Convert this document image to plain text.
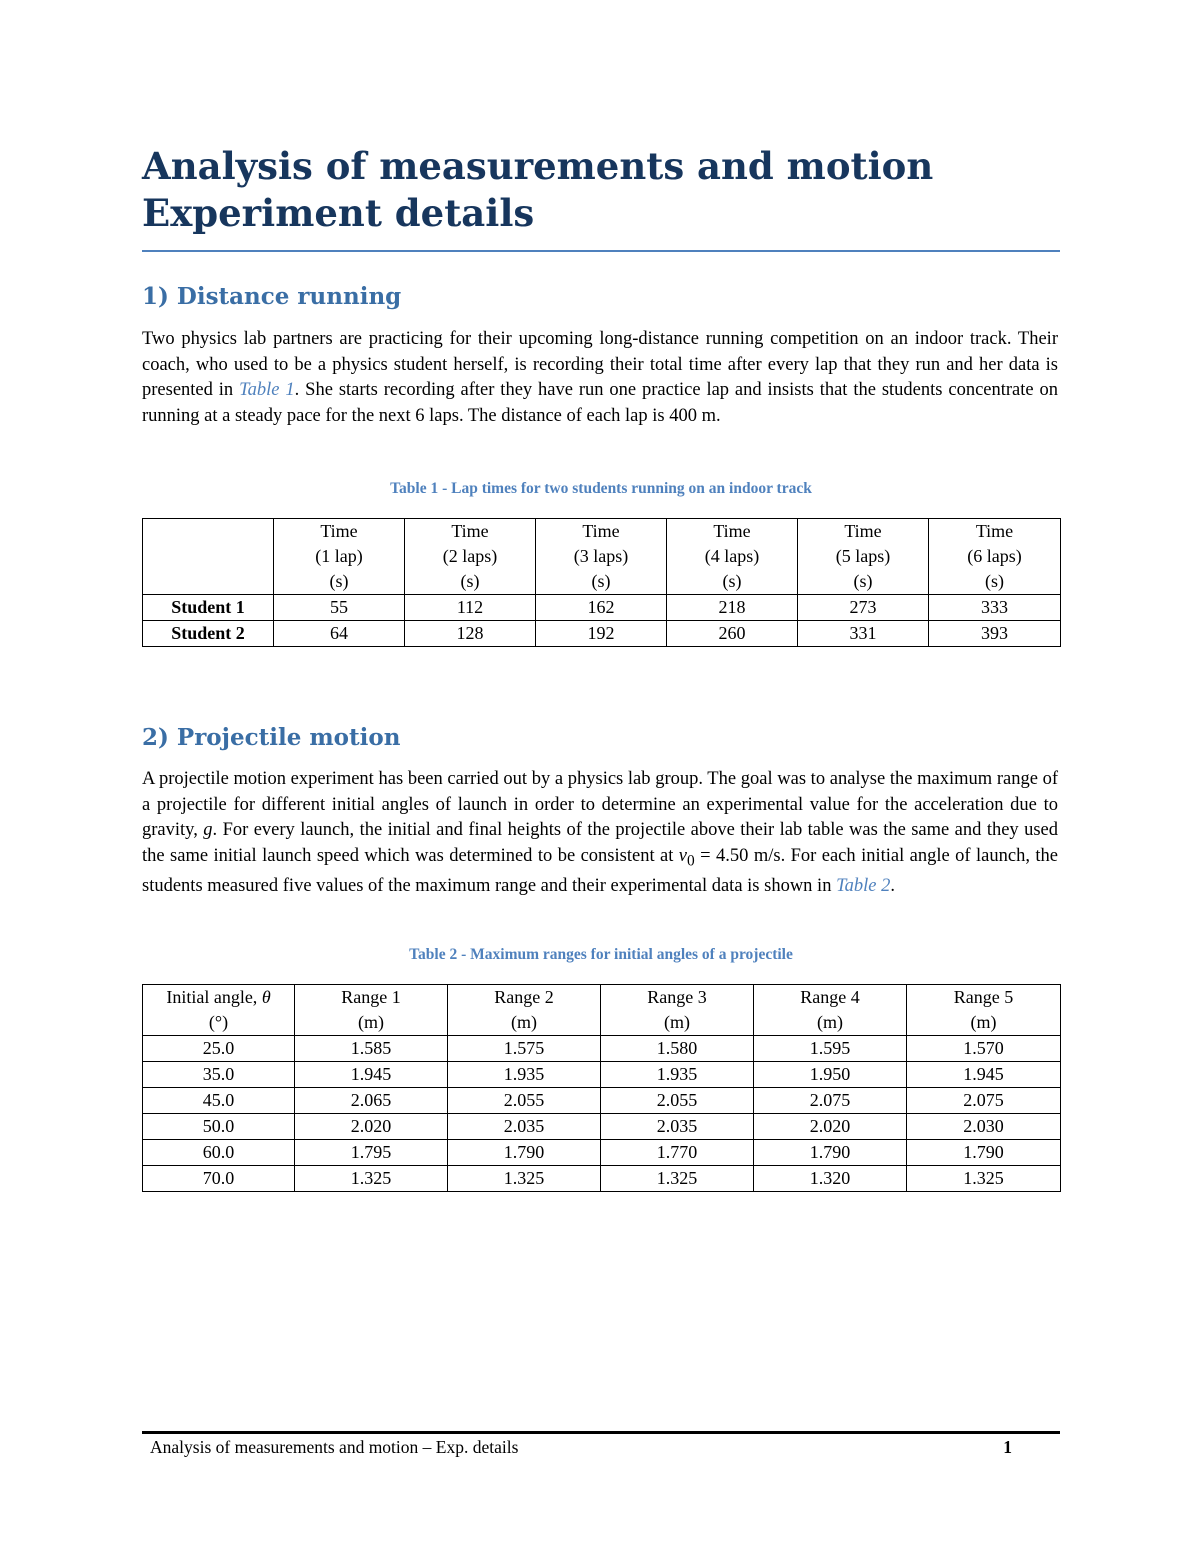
Analysis of measurements and motion
Experiment details
1) Distance running

Two physics lab partners are practicing for their upcoming long-distance running competition on an indoor track. Their coach, who used to be a physics student herself, is recording their total time after every lap that they run and her data is presented in Table 1. She starts recording after they have run one practice lap and insists that the students concentrate on running at a steady pace for the next 6 laps. The distance of each lap is 400 m.

Table 1 - Lap times for two students running on an indoor track

	Time
(1 lap)
(s)	Time
(2 laps)
(s)	Time
(3 laps)
(s)	Time
(4 laps)
(s)	Time
(5 laps)
(s)	Time
(6 laps)
(s)

Student 1	55	112	162	218	273	333
Student 2	64	128	192	260	331	393
2) Projectile motion

A projectile motion experiment has been carried out by a physics lab group. The goal was to analyse the maximum range of a projectile for different initial angles of launch in order to determine an experimental value for the acceleration due to gravity, g. For every launch, the initial and final heights of the projectile above their lab table was the same and they used the same initial launch speed which was determined to be consistent at $v_0 = 4.50$ m/s. For each initial angle of launch, the students measured five values of the maximum range and their experimental data is shown in Table 2.

Table 2 - Maximum ranges for initial angles of a projectile

Initial angle, θ
(°)	Range 1
(m)	Range 2
(m)	Range 3
(m)	Range 4
(m)	Range 5
(m)

25.0	1.585	1.575	1.580	1.595	1.570
35.0	1.945	1.935	1.935	1.950	1.945
45.0	2.065	2.055	2.055	2.075	2.075
50.0	2.020	2.035	2.035	2.020	2.030
60.0	1.795	1.790	1.770	1.790	1.790
70.0	1.325	1.325	1.325	1.320	1.325

Analysis of measurements and motion – Exp. details	1
